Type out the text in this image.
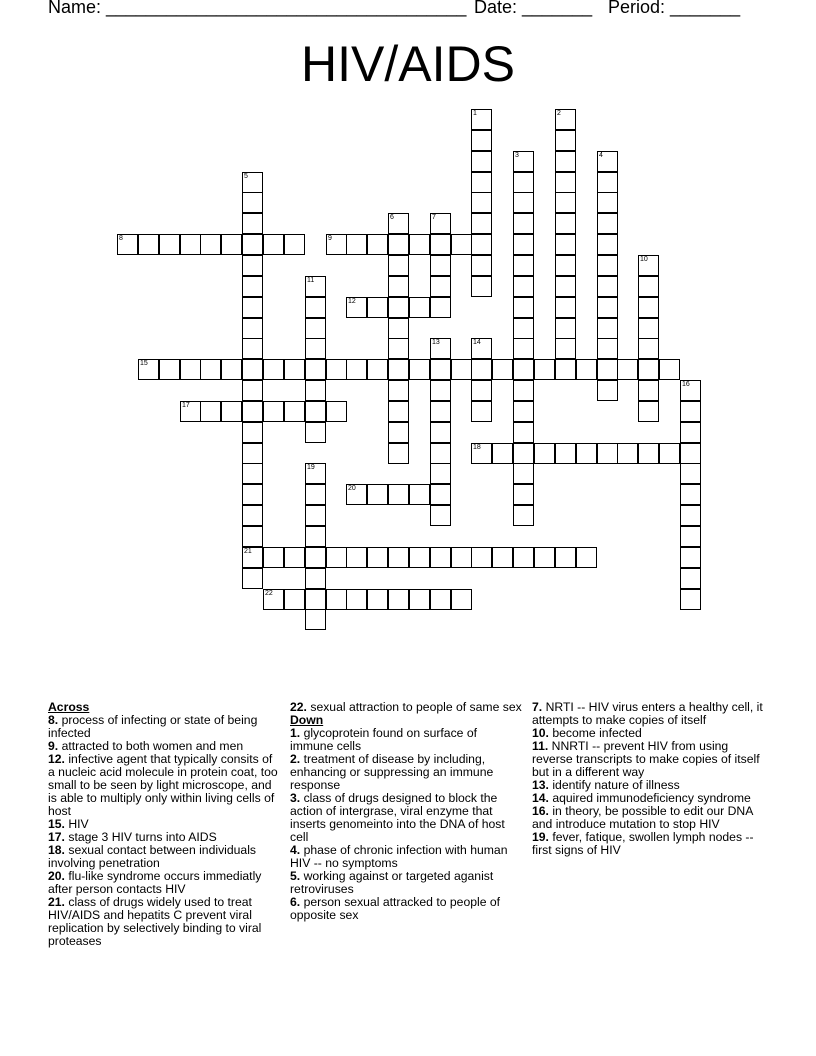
Name: ____________________________________ Date: _______ Period: _______
HIV/AIDS
1	2
3	4
5
21
6	7
8	9
10
11
12
13	14
15
16
17
18
19
20
22
Across

8. process of infecting or state of being infected

9. attracted to both women and men

12. infective agent that typically consits of a nucleic acid molecule in protein coat, too small to be seen by light microscope, and is able to multiply only within living cells of host

15. HIV

17. stage 3 HIV turns into AIDS

18. sexual contact between individuals involving penetration

20. flu-like syndrome occurs immediatly after person contacts HIV

21. class of drugs widely used to treat HIV/AIDS and hepatits C prevent viral replication by selectively binding to viral proteases

22. sexual attraction to people of same sex

Down

1. glycoprotein found on surface of immune cells

2. treatment of disease by including, enhancing or suppressing an immune response

3. class of drugs designed to block the action of intergrase, viral enzyme that inserts genomeinto into the DNA of host cell

4. phase of chronic infection with human HIV -- no symptoms

5. working against or targeted aganist retroviruses

6. person sexual attracked to people of opposite sex

7. NRTI -- HIV virus enters a healthy cell, it attempts to make copies of itself

10. become infected

11. NNRTI -- prevent HIV from using reverse transcripts to make copies of itself but in a different way

13. identify nature of illness

14. aquired immunodeficiency syndrome

16. in theory, be possible to edit our DNA and introduce mutation to stop HIV

19. fever, fatique, swollen lymph nodes -- first signs of HIV
